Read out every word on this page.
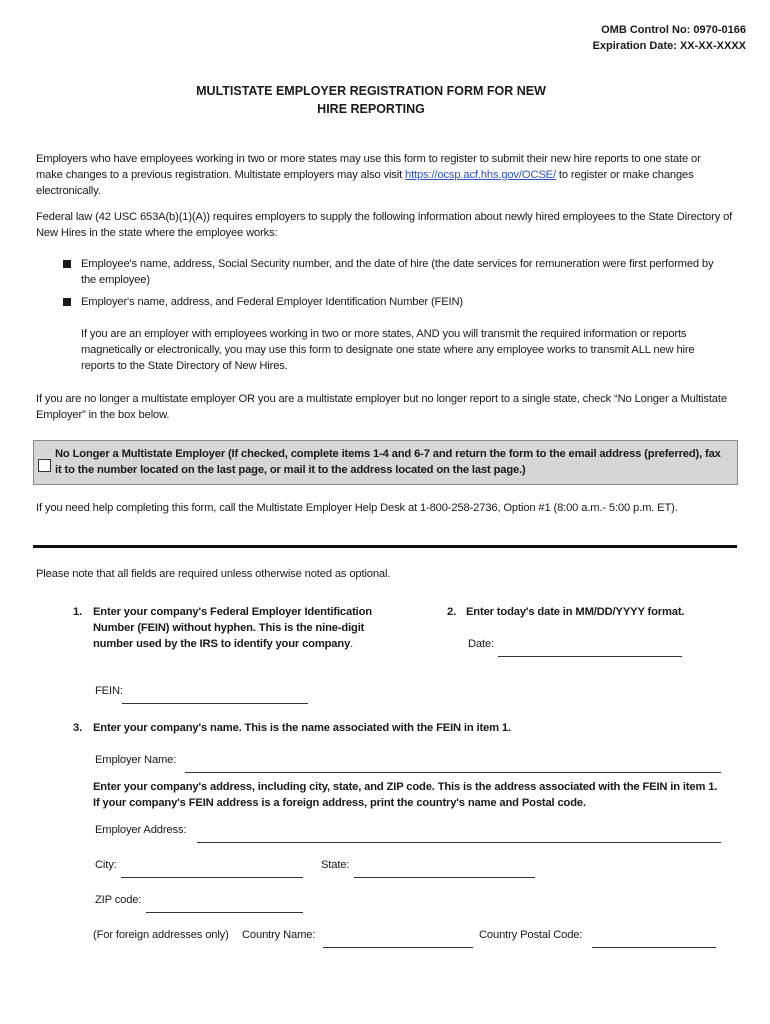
OMB Control No: 0970-0166
Expiration Date: XX-XX-XXXX
MULTISTATE EMPLOYER REGISTRATION FORM FOR NEW
HIRE REPORTING
Employers who have employees working in two or more states may use this form to register to submit their new hire reports to one state or make changes to a previous registration. Multistate employers may also visit https://ocsp.acf.hhs.gov/OCSE/ to register or make changes electronically.
Federal law (42 USC 653A(b)(1)(A)) requires employers to supply the following information about newly hired employees to the State Directory of New Hires in the state where the employee works:
Employee's name, address, Social Security number, and the date of hire (the date services for remuneration were first performed by the employee)
Employer's name, address, and Federal Employer Identification Number (FEIN)
If you are an employer with employees working in two or more states, AND you will transmit the required information or reports magnetically or electronically, you may use this form to designate one state where any employee works to transmit ALL new hire reports to the State Directory of New Hires.
If you are no longer a multistate employer OR you are a multistate employer but no longer report to a single state, check “No Longer a Multistate Employer” in the box below.
No Longer a Multistate Employer (If checked, complete items 1-4 and 6-7 and return the form to the email address (preferred), fax it to the number located on the last page, or mail it to the address located on the last page.)
If you need help completing this form, call the Multistate Employer Help Desk at 1-800-258-2736, Option #1 (8:00 a.m.- 5:00 p.m. ET).
Please note that all fields are required unless otherwise noted as optional.
1. Enter your company's Federal Employer Identification Number (FEIN) without hyphen. This is the nine-digit number used by the IRS to identify your company.
FEIN:
2. Enter today's date in MM/DD/YYYY format.
Date:
3. Enter your company's name. This is the name associated with the FEIN in item 1.
Employer Name:
Enter your company's address, including city, state, and ZIP code. This is the address associated with the FEIN in item 1. If your company's FEIN address is a foreign address, print the country's name and Postal code.
Employer Address:
City:	State:
ZIP code:
(For foreign addresses only) Country Name:	Country Postal Code:
